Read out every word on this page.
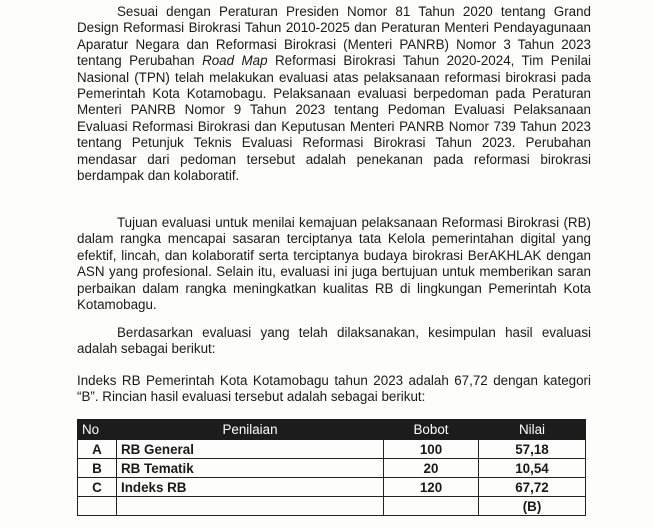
Sesuai dengan Peraturan Presiden Nomor 81 Tahun 2020 tentang Grand
Design Reformasi Birokrasi Tahun 2010-2025 dan Peraturan Menteri Pendayagunaan
Aparatur Negara dan Reformasi Birokrasi (Menteri PANRB) Nomor 3 Tahun 2023
tentang Perubahan Road Map Reformasi Birokrasi Tahun 2020-2024, Tim Penilai
Nasional (TPN) telah melakukan evaluasi atas pelaksanaan reformasi birokrasi pada
Pemerintah Kota Kotamobagu. Pelaksanaan evaluasi berpedoman pada Peraturan
Menteri PANRB Nomor 9 Tahun 2023 tentang Pedoman Evaluasi Pelaksanaan
Evaluasi Reformasi Birokrasi dan Keputusan Menteri PANRB Nomor 739 Tahun 2023
tentang Petunjuk Teknis Evaluasi Reformasi Birokrasi Tahun 2023. Perubahan
mendasar dari pedoman tersebut adalah penekanan pada reformasi birokrasi
berdampak dan kolaboratif.

Tujuan evaluasi untuk menilai kemajuan pelaksanaan Reformasi Birokrasi (RB)
dalam rangka mencapai sasaran terciptanya tata Kelola pemerintahan digital yang
efektif, lincah, dan kolaboratif serta terciptanya budaya birokrasi BerAKHLAK dengan
ASN yang profesional. Selain itu, evaluasi ini juga bertujuan untuk memberikan saran
perbaikan dalam rangka meningkatkan kualitas RB di lingkungan Pemerintah Kota
Kotamobagu.

Berdasarkan evaluasi yang telah dilaksanakan, kesimpulan hasil evaluasi
adalah sebagai berikut:

Indeks RB Pemerintah Kota Kotamobagu tahun 2023 adalah 67,72 dengan kategori
“B”. Rincian hasil evaluasi tersebut adalah sebagai berikut:

No	Penilaian	Bobot	Nilai
A	RB General	100	57,18
B	RB Tematik	20	10,54
C	Indeks RB	120	67,72
			(B)
